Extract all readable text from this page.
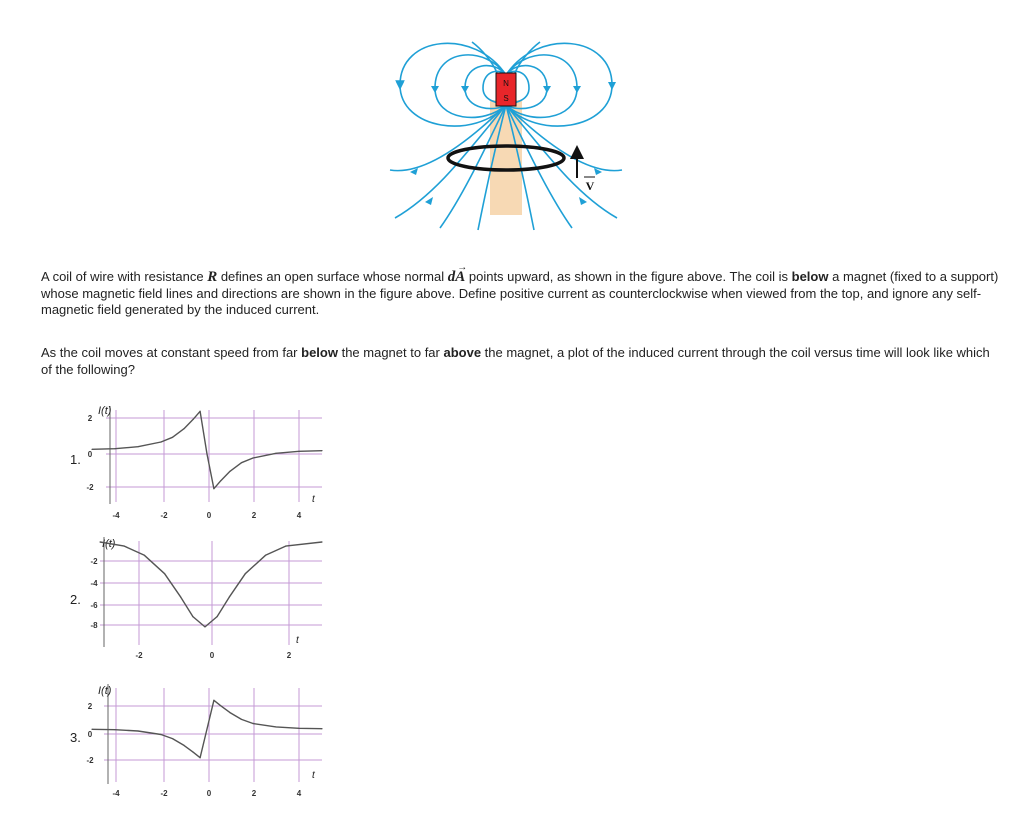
N
S
V

A coil of wire with resistance R defines an open surface whose normal d
→
A points upward, as shown in the figure above. The coil is below a magnet (fixed to a support) whose magnetic field lines and directions are shown in the figure above. Define positive current as counterclockwise when viewed from the top, and ignore any self-magnetic field generated by the induced current.

As the coil moves at constant speed from far below the magnet to far above the magnet, a plot of the induced current through the coil versus time will look like which of the following?

1.
-4	-2	0	2	4
2
0
-2
I(t)
t
2.
-2	0	2
-2
-4
-6
-8
I(t)
t
3.
-4	-2	0	2	4
2
0
-2
I(t)
t
